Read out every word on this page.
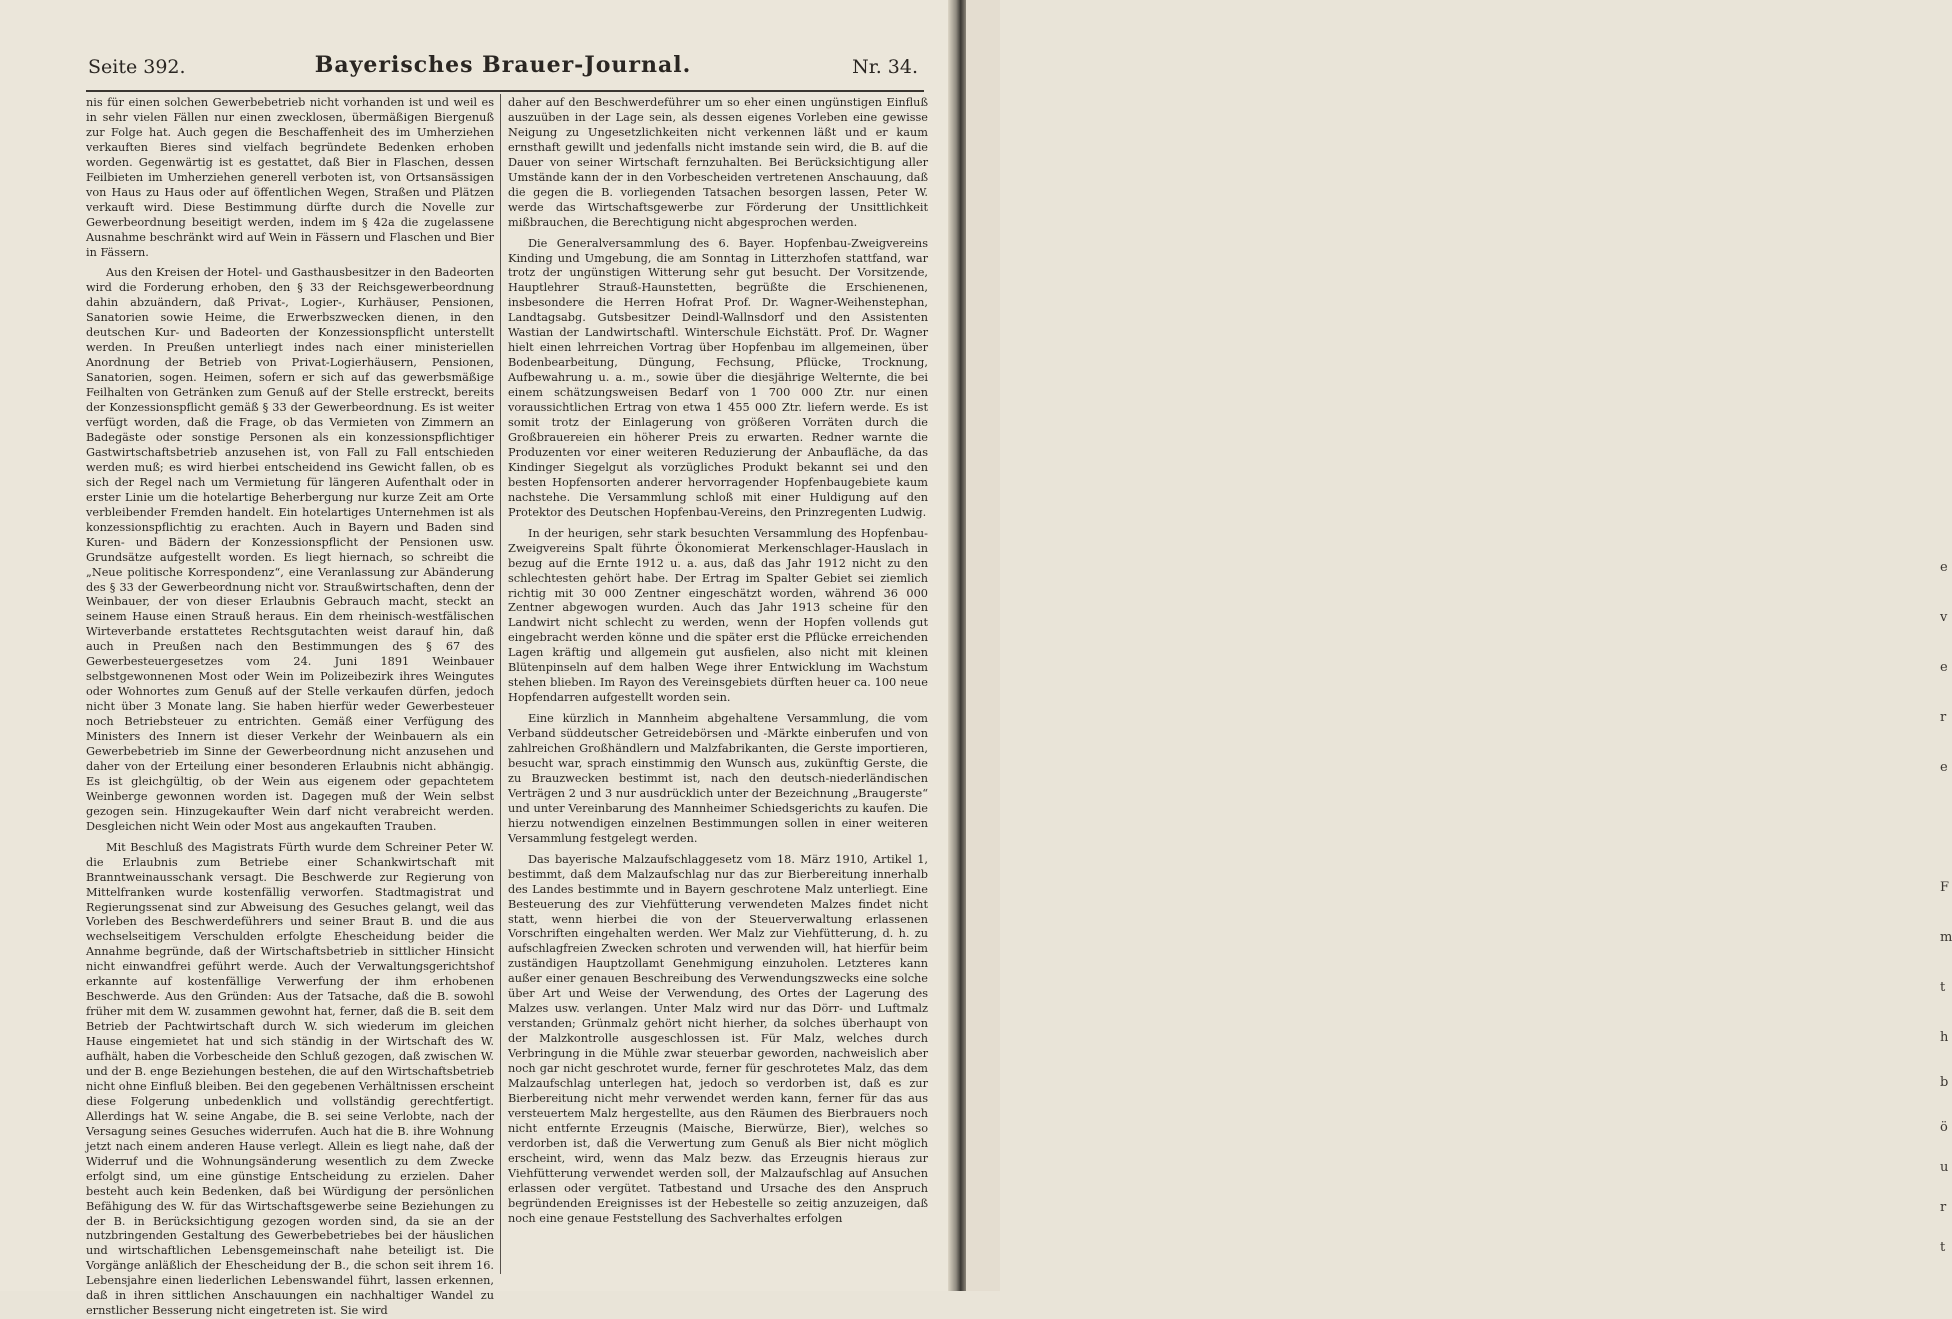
Seite 392.	Bayerisches Brauer-Journal.	Nr. 34.

nis für einen solchen Gewerbebetrieb nicht vorhanden ist und weil es in sehr vielen Fällen nur einen zwecklosen, übermäßigen Biergenuß zur Folge hat. Auch gegen die Beschaffenheit des im Umherziehen verkauften Bieres sind vielfach begründete Bedenken erhoben worden. Gegenwärtig ist es gestattet, daß Bier in Flaschen, dessen Feilbieten im Umherziehen generell verboten ist, von Ortsansässigen von Haus zu Haus oder auf öffentlichen Wegen, Straßen und Plätzen verkauft wird. Diese Bestimmung dürfte durch die Novelle zur Gewerbeordnung beseitigt werden, indem im § 42a die zugelassene Ausnahme beschränkt wird auf Wein in Fässern und Flaschen und Bier in Fässern.

Aus den Kreisen der Hotel- und Gasthausbesitzer in den Badeorten wird die Forderung erhoben, den § 33 der Reichsgewerbeordnung dahin abzuändern, daß Privat-, Logier-, Kurhäuser, Pensionen, Sanatorien sowie Heime, die Erwerbszwecken dienen, in den deutschen Kur- und Badeorten der Konzessionspflicht unterstellt werden. In Preußen unterliegt indes nach einer ministeriellen Anordnung der Betrieb von Privat-Logierhäusern, Pensionen, Sanatorien, sogen. Heimen, sofern er sich auf das gewerbsmäßige Feilhalten von Getränken zum Genuß auf der Stelle erstreckt, bereits der Konzessionspflicht gemäß § 33 der Gewerbeordnung. Es ist weiter verfügt worden, daß die Frage, ob das Vermieten von Zimmern an Badegäste oder sonstige Personen als ein konzessionspflichtiger Gastwirtschaftsbetrieb anzusehen ist, von Fall zu Fall entschieden werden muß; es wird hierbei entscheidend ins Gewicht fallen, ob es sich der Regel nach um Vermietung für längeren Aufenthalt oder in erster Linie um die hotelartige Beherbergung nur kurze Zeit am Orte verbleibender Fremden handelt. Ein hotelartiges Unternehmen ist als konzessionspflichtig zu erachten. Auch in Bayern und Baden sind Kuren- und Bädern der Konzessionspflicht der Pensionen usw. Grundsätze aufgestellt worden. Es liegt hiernach, so schreibt die „Neue politische Korrespondenz“, eine Veranlassung zur Abänderung des § 33 der Gewerbeordnung nicht vor. Straußwirtschaften, denn der Weinbauer, der von dieser Erlaubnis Gebrauch macht, steckt an seinem Hause einen Strauß heraus. Ein dem rheinisch-westfälischen Wirteverbande erstattetes Rechtsgutachten weist darauf hin, daß auch in Preußen nach den Bestimmungen des § 67 des Gewerbesteuergesetzes vom 24. Juni 1891 Weinbauer selbstgewonnenen Most oder Wein im Polizeibezirk ihres Weingutes oder Wohnortes zum Genuß auf der Stelle verkaufen dürfen, jedoch nicht über 3 Monate lang. Sie haben hierfür weder Gewerbesteuer noch Betriebsteuer zu entrichten. Gemäß einer Verfügung des Ministers des Innern ist dieser Verkehr der Weinbauern als ein Gewerbebetrieb im Sinne der Gewerbeordnung nicht anzusehen und daher von der Erteilung einer besonderen Erlaubnis nicht abhängig. Es ist gleichgültig, ob der Wein aus eigenem oder gepachtetem Weinberge gewonnen worden ist. Dagegen muß der Wein selbst gezogen sein. Hinzugekaufter Wein darf nicht verabreicht werden. Desgleichen nicht Wein oder Most aus angekauften Trauben.

Mit Beschluß des Magistrats Fürth wurde dem Schreiner Peter W. die Erlaubnis zum Betriebe einer Schankwirtschaft mit Branntweinausschank versagt. Die Beschwerde zur Regierung von Mittelfranken wurde kostenfällig verworfen. Stadtmagistrat und Regierungssenat sind zur Abweisung des Gesuches gelangt, weil das Vorleben des Beschwerdeführers und seiner Braut B. und die aus wechselseitigem Verschulden erfolgte Ehescheidung beider die Annahme begründe, daß der Wirtschaftsbetrieb in sittlicher Hinsicht nicht einwandfrei geführt werde. Auch der Verwaltungsgerichtshof erkannte auf kostenfällige Verwerfung der ihm erhobenen Beschwerde. Aus den Gründen: Aus der Tatsache, daß die B. sowohl früher mit dem W. zusammen gewohnt hat, ferner, daß die B. seit dem Betrieb der Pachtwirtschaft durch W. sich wiederum im gleichen Hause eingemietet hat und sich ständig in der Wirtschaft des W. aufhält, haben die Vorbescheide den Schluß gezogen, daß zwischen W. und der B. enge Beziehungen bestehen, die auf den Wirtschaftsbetrieb nicht ohne Einfluß bleiben. Bei den gegebenen Verhältnissen erscheint diese Folgerung unbedenklich und vollständig gerechtfertigt. Allerdings hat W. seine Angabe, die B. sei seine Verlobte, nach der Versagung seines Gesuches widerrufen. Auch hat die B. ihre Wohnung jetzt nach einem anderen Hause verlegt. Allein es liegt nahe, daß der Widerruf und die Wohnungsänderung wesentlich zu dem Zwecke erfolgt sind, um eine günstige Entscheidung zu erzielen. Daher besteht auch kein Bedenken, daß bei Würdigung der persönlichen Befähigung des W. für das Wirtschaftsgewerbe seine Beziehungen zu der B. in Berücksichtigung gezogen worden sind, da sie an der nutzbringenden Gestaltung des Gewerbebetriebes bei der häuslichen und wirtschaftlichen Lebensgemeinschaft nahe beteiligt ist. Die Vorgänge anläßlich der Ehescheidung der B., die schon seit ihrem 16. Lebensjahre einen liederlichen Lebenswandel führt, lassen erkennen, daß in ihren sittlichen Anschauungen ein nachhaltiger Wandel zu ernstlicher Besserung nicht eingetreten ist. Sie wird

daher auf den Beschwerdeführer um so eher einen ungünstigen Einfluß auszuüben in der Lage sein, als dessen eigenes Vorleben eine gewisse Neigung zu Ungesetzlichkeiten nicht verkennen läßt und er kaum ernsthaft gewillt und jedenfalls nicht imstande sein wird, die B. auf die Dauer von seiner Wirtschaft fernzuhalten. Bei Berücksichtigung aller Umstände kann der in den Vorbescheiden vertretenen Anschauung, daß die gegen die B. vorliegenden Tatsachen besorgen lassen, Peter W. werde das Wirtschaftsgewerbe zur Förderung der Unsittlichkeit mißbrauchen, die Berechtigung nicht abgesprochen werden.

Die Generalversammlung des 6. Bayer. Hopfenbau-Zweigvereins Kinding und Umgebung, die am Sonntag in Litterzhofen stattfand, war trotz der ungünstigen Witterung sehr gut besucht. Der Vorsitzende, Hauptlehrer Strauß-Haunstetten, begrüßte die Erschienenen, insbesondere die Herren Hofrat Prof. Dr. Wagner-Weihenstephan, Landtagsabg. Gutsbesitzer Deindl-Wallnsdorf und den Assistenten Wastian der Landwirtschaftl. Winterschule Eichstätt. Prof. Dr. Wagner hielt einen lehrreichen Vortrag über Hopfenbau im allgemeinen, über Bodenbearbeitung, Düngung, Fechsung, Pflücke, Trocknung, Aufbewahrung u. a. m., sowie über die diesjährige Welternte, die bei einem schätzungsweisen Bedarf von 1 700 000 Ztr. nur einen voraussichtlichen Ertrag von etwa 1 455 000 Ztr. liefern werde. Es ist somit trotz der Einlagerung von größeren Vorräten durch die Großbrauereien ein höherer Preis zu erwarten. Redner warnte die Produzenten vor einer weiteren Reduzierung der Anbaufläche, da das Kindinger Siegelgut als vorzügliches Produkt bekannt sei und den besten Hopfensorten anderer hervorragender Hopfenbaugebiete kaum nachstehe. Die Versammlung schloß mit einer Huldigung auf den Protektor des Deutschen Hopfenbau-Vereins, den Prinzregenten Ludwig.

In der heurigen, sehr stark besuchten Versammlung des Hopfenbau-Zweigvereins Spalt führte Ökonomierat Merkenschlager-Hauslach in bezug auf die Ernte 1912 u. a. aus, daß das Jahr 1912 nicht zu den schlechtesten gehört habe. Der Ertrag im Spalter Gebiet sei ziemlich richtig mit 30 000 Zentner eingeschätzt worden, während 36 000 Zentner abgewogen wurden. Auch das Jahr 1913 scheine für den Landwirt nicht schlecht zu werden, wenn der Hopfen vollends gut eingebracht werden könne und die später erst die Pflücke erreichenden Lagen kräftig und allgemein gut ausfielen, also nicht mit kleinen Blütenpinseln auf dem halben Wege ihrer Entwicklung im Wachstum stehen blieben. Im Rayon des Vereinsgebiets dürften heuer ca. 100 neue Hopfendarren aufgestellt worden sein.

Eine kürzlich in Mannheim abgehaltene Versammlung, die vom Verband süddeutscher Getreidebörsen und -Märkte einberufen und von zahlreichen Großhändlern und Malzfabrikanten, die Gerste importieren, besucht war, sprach einstimmig den Wunsch aus, zukünftig Gerste, die zu Brauzwecken bestimmt ist, nach den deutsch-niederländischen Verträgen 2 und 3 nur ausdrücklich unter der Bezeichnung „Braugerste“ und unter Vereinbarung des Mannheimer Schiedsgerichts zu kaufen. Die hierzu notwendigen einzelnen Bestimmungen sollen in einer weiteren Versammlung festgelegt werden.

Das bayerische Malzaufschlaggesetz vom 18. März 1910, Artikel 1, bestimmt, daß dem Malzaufschlag nur das zur Bierbereitung innerhalb des Landes bestimmte und in Bayern geschrotene Malz unterliegt. Eine Besteuerung des zur Viehfütterung verwendeten Malzes findet nicht statt, wenn hierbei die von der Steuerverwaltung erlassenen Vorschriften eingehalten werden. Wer Malz zur Viehfütterung, d. h. zu aufschlagfreien Zwecken schroten und verwenden will, hat hierfür beim zuständigen Hauptzollamt Genehmigung einzuholen. Letzteres kann außer einer genauen Beschreibung des Verwendungszwecks eine solche über Art und Weise der Verwendung, des Ortes der Lagerung des Malzes usw. verlangen. Unter Malz wird nur das Dörr- und Luftmalz verstanden; Grünmalz gehört nicht hierher, da solches überhaupt von der Malzkontrolle ausgeschlossen ist. Für Malz, welches durch Verbringung in die Mühle zwar steuerbar geworden, nachweislich aber noch gar nicht geschrotet wurde, ferner für geschrotetes Malz, das dem Malzaufschlag unterlegen hat, jedoch so verdorben ist, daß es zur Bierbereitung nicht mehr verwendet werden kann, ferner für das aus versteuertem Malz hergestellte, aus den Räumen des Bierbrauers noch nicht entfernte Erzeugnis (Maische, Bierwürze, Bier), welches so verdorben ist, daß die Verwertung zum Genuß als Bier nicht möglich erscheint, wird, wenn das Malz bezw. das Erzeugnis hieraus zur Viehfütterung verwendet werden soll, der Malzaufschlag auf Ansuchen erlassen oder vergütet. Tatbestand und Ursache des den Anspruch begründenden Ereignisses ist der Hebestelle so zeitig anzuzeigen, daß noch eine genaue Feststellung des Sachverhaltes erfolgen

e
v
e
r
e
F
m
t
h
b
ö
u
r
t
